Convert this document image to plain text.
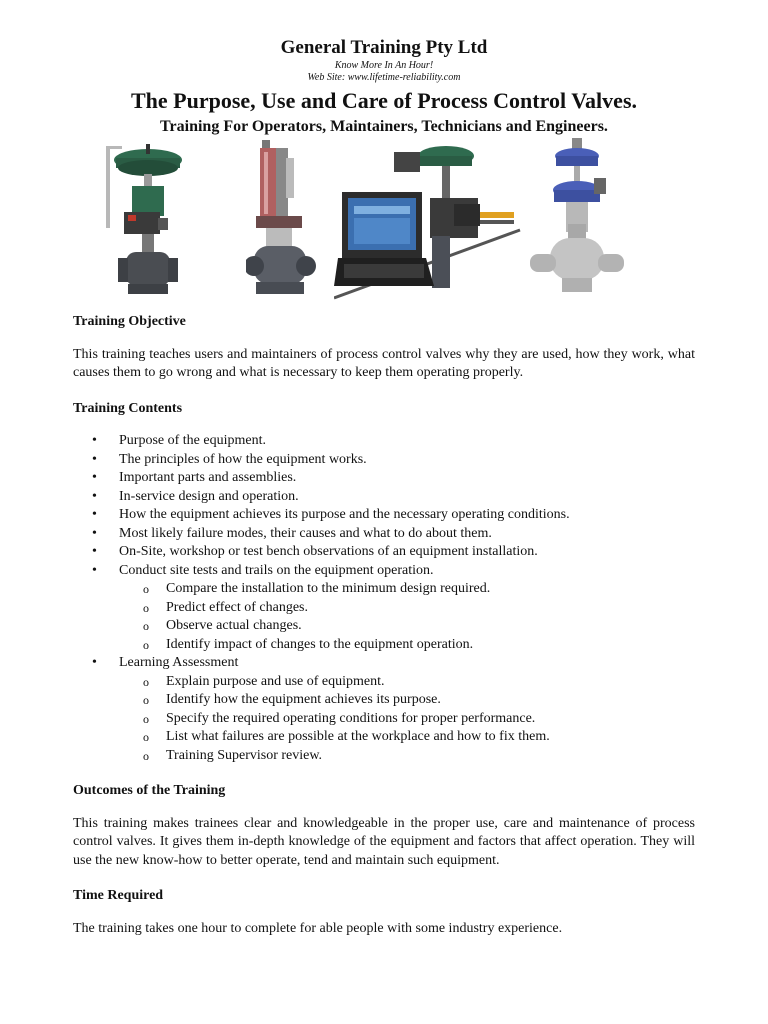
General Training Pty Ltd
Know More In An Hour!
Web Site: www.lifetime-reliability.com
The Purpose, Use and Care of Process Control Valves.
Training For Operators, Maintainers, Technicians and Engineers.

Training Objective

This training teaches users and maintainers of process control valves why they are used, how they work, what causes them to go wrong and what is necessary to keep them operating properly.

Training Contents

• Purpose of the equipment.
• The principles of how the equipment works.
• Important parts and assemblies.
• In-service design and operation.
• How the equipment achieves its purpose and the necessary operating conditions.
• Most likely failure modes, their causes and what to do about them.
• On-Site, workshop or test bench observations of an equipment installation.
• Conduct site tests and trails on the equipment operation.
o Compare the installation to the minimum design required.
o Predict effect of changes.
o Observe actual changes.
o Identify impact of changes to the equipment operation.
• Learning Assessment
o Explain purpose and use of equipment.
o Identify how the equipment achieves its purpose.
o Specify the required operating conditions for proper performance.
o List what failures are possible at the workplace and how to fix them.
o Training Supervisor review.

Outcomes of the Training

This training makes trainees clear and knowledgeable in the proper use, care and maintenance of process control valves. It gives them in-depth knowledge of the equipment and factors that affect operation. They will use the new know-how to better operate, tend and maintain such equipment.

Time Required

The training takes one hour to complete for able people with some industry experience.
